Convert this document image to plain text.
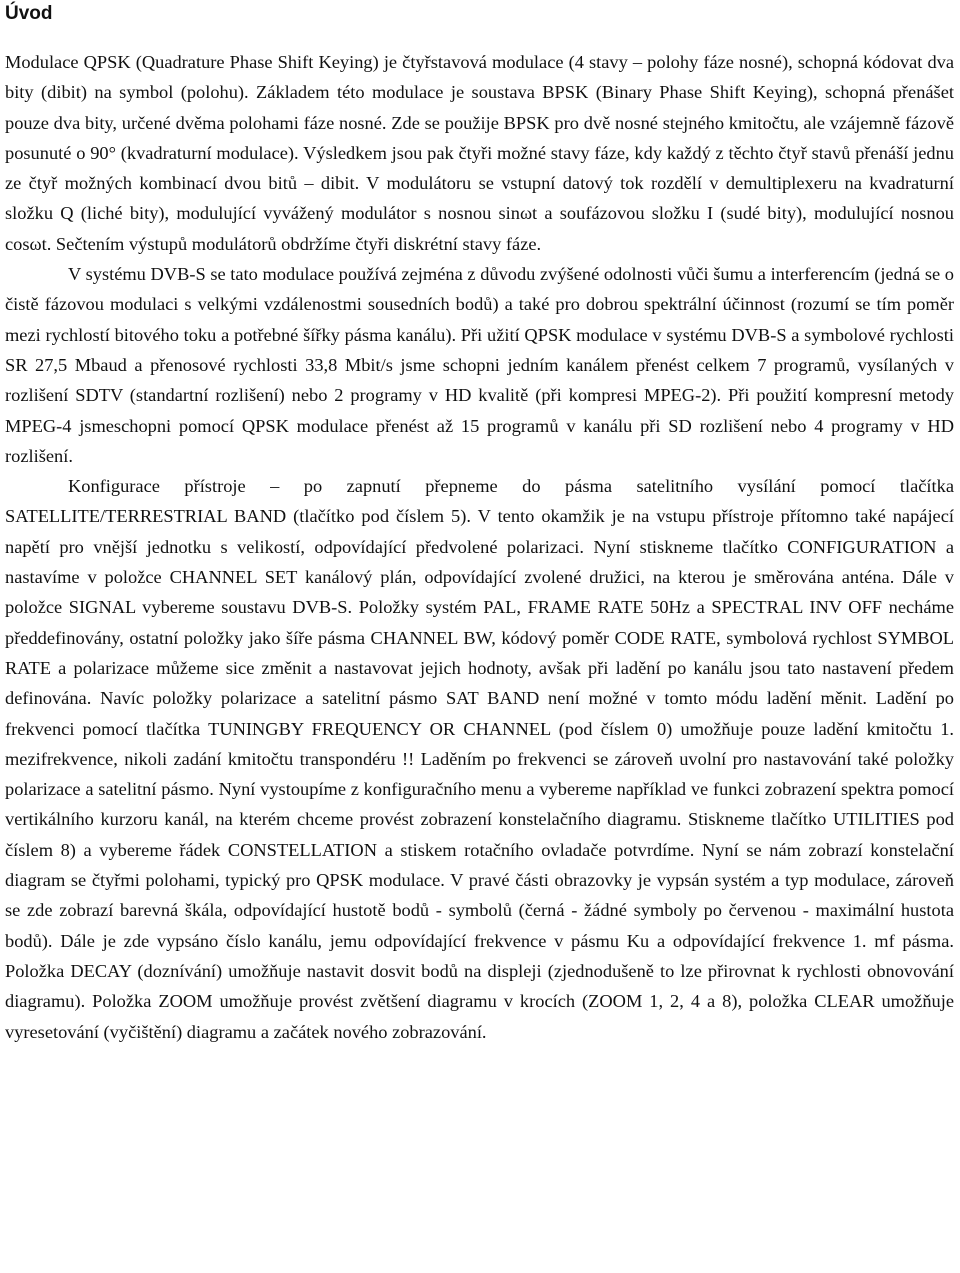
Úvod

Modulace QPSK (Quadrature Phase Shift Keying) je čtyřstavová modulace (4 stavy – polohy fáze nosné), schopná kódovat dva bity (dibit) na symbol (polohu). Základem této modulace je soustava BPSK (Binary Phase Shift Keying), schopná přenášet pouze dva bity, určené dvěma polohami fáze nosné. Zde se použije BPSK pro dvě nosné stejného kmitočtu, ale vzájemně fázově posunuté o 90° (kvadraturní modulace). Výsledkem jsou pak čtyři možné stavy fáze, kdy každý z těchto čtyř stavů přenáší jednu ze čtyř možných kombinací dvou bitů – dibit. V modulátoru se vstupní datový tok rozdělí v demultiplexeru na kvadraturní složku Q (liché bity), modulující vyvážený modulátor s nosnou sinωt a soufázovou složku I (sudé bity), modulující nosnou cosωt. Sečtením výstupů modulátorů obdržíme čtyři diskrétní stavy fáze.

V systému DVB-S se tato modulace používá zejména z důvodu zvýšené odolnosti vůči šumu a interferencím (jedná se o čistě fázovou modulaci s velkými vzdálenostmi sousedních bodů) a také pro dobrou spektrální účinnost (rozumí se tím poměr mezi rychlostí bitového toku a potřebné šířky pásma kanálu). Při užití QPSK modulace v systému DVB-S a symbolové rychlosti SR 27,5 Mbaud a přenosové rychlosti 33,8 Mbit/s jsme schopni jedním kanálem přenést celkem 7 programů, vysílaných v rozlišení SDTV (standartní rozlišení) nebo 2 programy v HD kvalitě (při kompresi MPEG-2). Při použití kompresní metody MPEG-4 jsmeschopni pomocí QPSK modulace přenést až 15 programů v kanálu při SD rozlišení nebo 4 programy v HD rozlišení.

Konfigurace přístroje – po zapnutí přepneme do pásma satelitního vysílání pomocí tlačítka SATELLITE/TERRESTRIAL BAND (tlačítko pod číslem 5). V tento okamžik je na vstupu přístroje přítomno také napájecí napětí pro vnější jednotku s velikostí, odpovídající předvolené polarizaci. Nyní stiskneme tlačítko CONFIGURATION a nastavíme v položce CHANNEL SET kanálový plán, odpovídající zvolené družici, na kterou je směrována anténa. Dále v položce SIGNAL vybereme soustavu DVB-S. Položky systém PAL, FRAME RATE 50Hz a SPECTRAL INV OFF necháme předdefinovány, ostatní položky jako šíře pásma CHANNEL BW, kódový poměr CODE RATE, symbolová rychlost SYMBOL RATE a polarizace můžeme sice změnit a nastavovat jejich hodnoty, avšak při ladění po kanálu jsou tato nastavení předem definována. Navíc položky polarizace a satelitní pásmo SAT BAND není možné v tomto módu ladění měnit. Ladění po frekvenci pomocí tlačítka TUNINGBY FREQUENCY OR CHANNEL (pod číslem 0) umožňuje pouze ladění kmitočtu 1. mezifrekvence, nikoli zadání kmitočtu transpondéru !! Laděním po frekvenci se zároveň uvolní pro nastavování také položky polarizace a satelitní pásmo. Nyní vystoupíme z konfiguračního menu a vybereme například ve funkci zobrazení spektra pomocí vertikálního kurzoru kanál, na kterém chceme provést zobrazení konstelačního diagramu. Stiskneme tlačítko UTILITIES pod číslem 8) a vybereme řádek CONSTELLATION a stiskem rotačního ovladače potvrdíme. Nyní se nám zobrazí konstelační diagram se čtyřmi polohami, typický pro QPSK modulace. V pravé části obrazovky je vypsán systém a typ modulace, zároveň se zde zobrazí barevná škála, odpovídající hustotě bodů - symbolů (černá - žádné symboly po červenou - maximální hustota bodů). Dále je zde vypsáno číslo kanálu, jemu odpovídající frekvence v pásmu Ku a odpovídající frekvence 1. mf pásma. Položka DECAY (doznívání) umožňuje nastavit dosvit bodů na displeji (zjednodušeně to lze přirovnat k rychlosti obnovování diagramu). Položka ZOOM umožňuje provést zvětšení diagramu v krocích (ZOOM 1, 2, 4 a 8), položka CLEAR umožňuje vyresetování (vyčištění) diagramu a začátek nového zobrazování.
